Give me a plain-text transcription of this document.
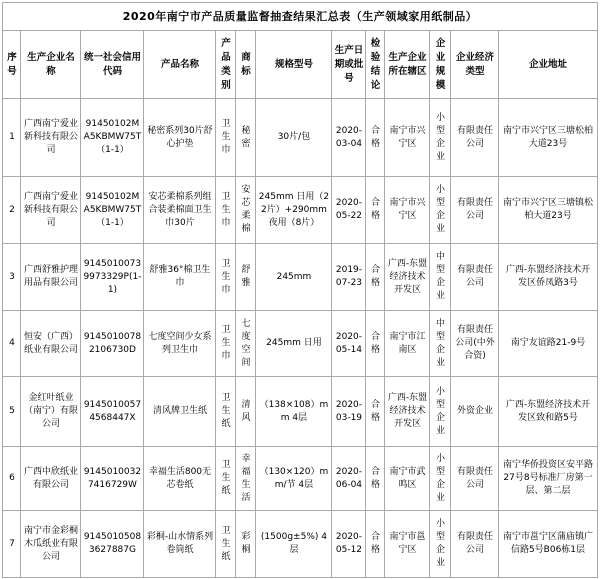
2020年南宁市产品质量监督抽查结果汇总表（生产领域家用纸制品）												
序号	生产企业名称	统一社会信用代码	产品名称	产品类别	商标	规格型号	生产日期或批号	检验结论	生产企业所在辖区	企业规模	企业经济类型	企业地址
1	广西南宁爱业新科技有限公司	91450102MA5KBMW75T（1-1）	秘密系列30片舒心护垫	卫生巾	秘密	30片/包	2020-03-04	合格	南宁市兴宁区	小型企业	有限责任公司	南宁市兴宁区三塘松柏大道23号
2	广西南宁爱业新科技有限公司	91450102MA5KBMW75T（1-1）	安芯柔棉系列组合装柔棉面卫生巾30片	卫生巾	安芯柔棉	245mm 日用（22片）+290mm夜用（8片）	2020-05-22	合格	南宁市兴宁区	小型企业	有限责任公司	南宁市兴宁区三塘镇松柏大道23号
3	广西舒雅护理用品有限公司	91450100739973329P(1-1)	舒雅36°棉卫生巾	卫生巾	舒雅	245mm	2019-07-23	合格	广西-东盟经济技术开发区	中型企业	有限责任公司	广西-东盟经济技术开发区侨凤路3号
4	恒安（广西）纸业有限公司	91450100782106730D	七度空间少女系列卫生巾	卫生巾	七度空间	245mm 日用	2020-05-14	合格	南宁市江南区	中型企业	有限责任公司(中外合资)	南宁友谊路21-9号
5	金红叶纸业（南宁）有限公司	91450100574568447X	清风牌卫生纸	卫生纸	清风	（138×108）mm 4层	2020-03-19	合格	广西-东盟经济技术开发区	小型企业	外资企业	广西-东盟经济技术开发区致和路5号
6	广西中欣纸业有限公司	91450100327416729W	幸福生活800无芯卷纸	卫生纸	幸福生活	（130×120）mm/节 4层	2020-06-04	合格	南宁市武鸣区	小型企业	有限责任公司	南宁华侨投资区安平路27号8号标准厂房第一层、第二层
7	南宁市金彩桐木瓜纸业有限公司	91450105083627887G	彩桐-山水情系列卷筒纸	卫生纸	彩桐	(1500g±5%) 4层	2020-05-12	合格	南宁市邕宁区	小型企业	有限责任公司	南宁市邕宁区蒲庙镇广信路5号B06栋1层
